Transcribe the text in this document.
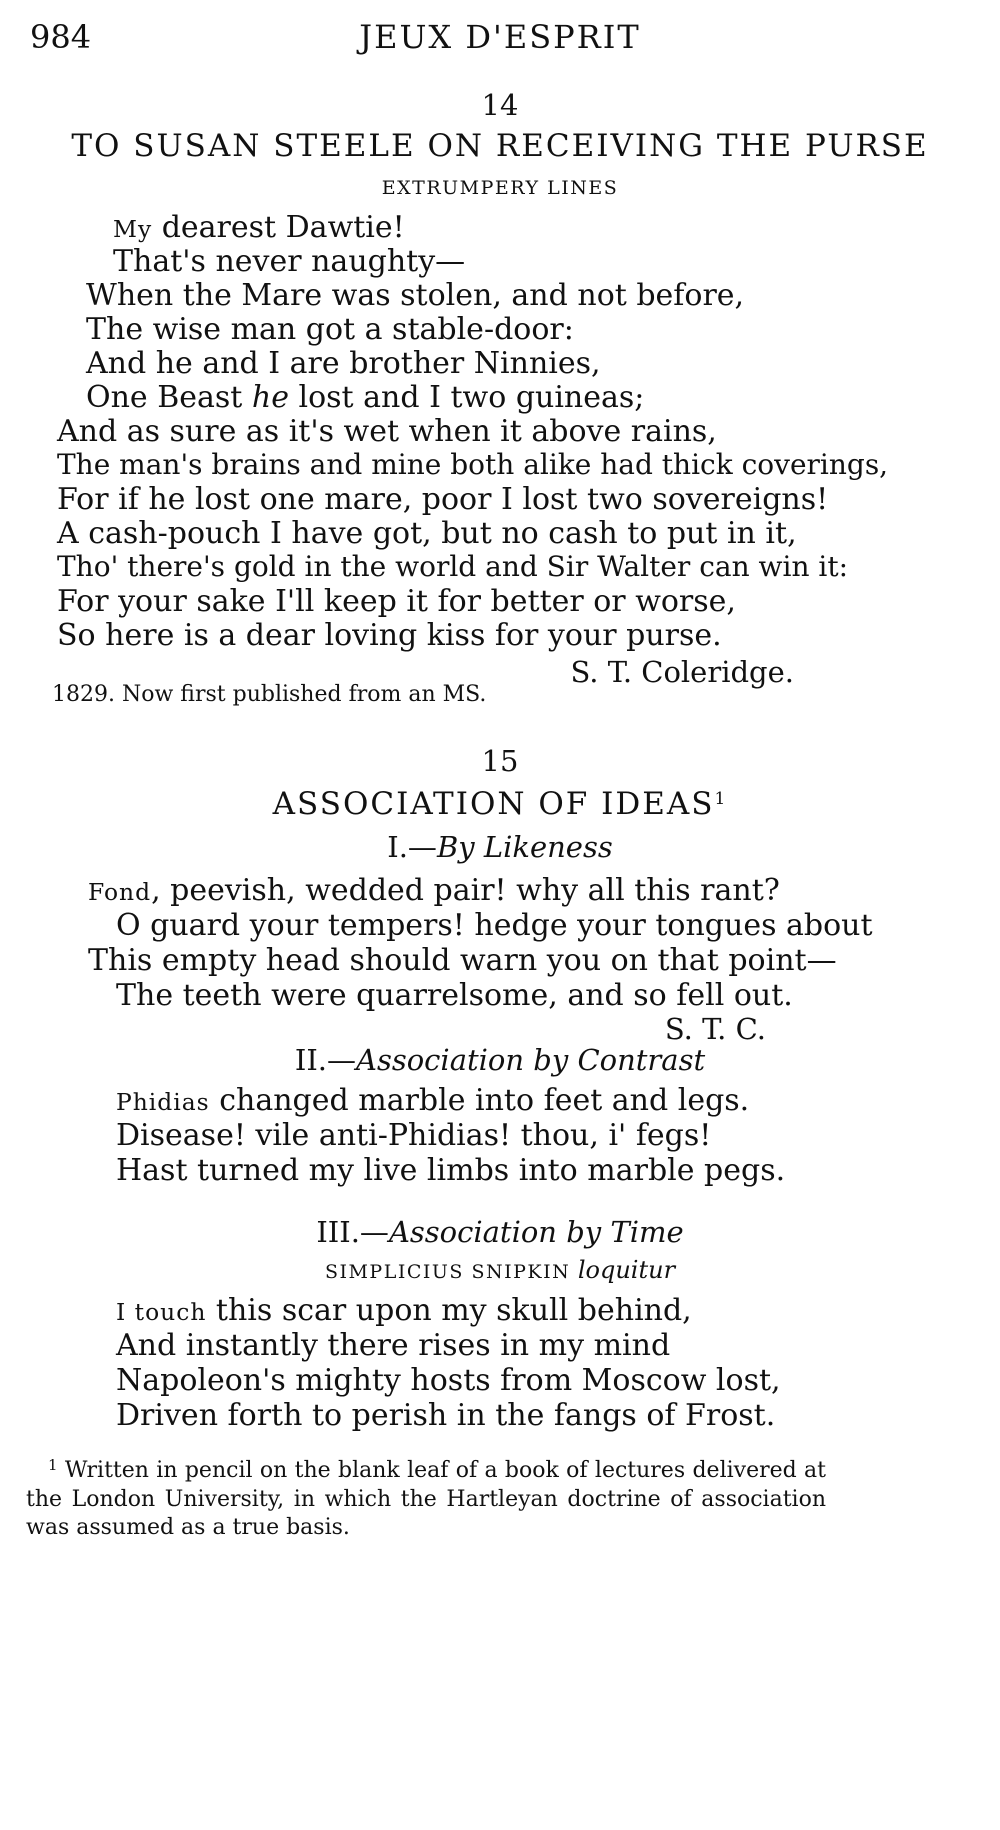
984	JEUX D'ESPRIT
14
TO SUSAN STEELE ON RECEIVING THE PURSE
EXTRUMPERY LINES
My dearest Dawtie!
That's never naughty—
When the Mare was stolen, and not before,
The wise man got a stable-door:
And he and I are brother Ninnies,
One Beast he lost and I two guineas;
And as sure as it's wet when it above rains,
The man's brains and mine both alike had thick coverings,
For if he lost one mare, poor I lost two sovereigns!
A cash-pouch I have got, but no cash to put in it,
Tho' there's gold in the world and Sir Walter can win it:
For your sake I'll keep it for better or worse,
So here is a dear loving kiss for your purse.
S. T. Coleridge.
1829. Now first published from an MS.
15
ASSOCIATION OF IDEAS$^1$
I.—By Likeness
Fond, peevish, wedded pair! why all this rant?
O guard your tempers! hedge your tongues about
This empty head should warn you on that point—
The teeth were quarrelsome, and so fell out.
S. T. C.
II.—Association by Contrast
Phidias changed marble into feet and legs.
Disease! vile anti-Phidias! thou, i' fegs!
Hast turned my live limbs into marble pegs.
III.—Association by Time
SIMPLICIUS SNIPKIN loquitur
I touch this scar upon my skull behind,
And instantly there rises in my mind
Napoleon's mighty hosts from Moscow lost,
Driven forth to perish in the fangs of Frost.
$^1$ Written in pencil on the blank leaf of a book of lectures delivered at the London University, in which the Hartleyan doctrine of association was assumed as a true basis.
